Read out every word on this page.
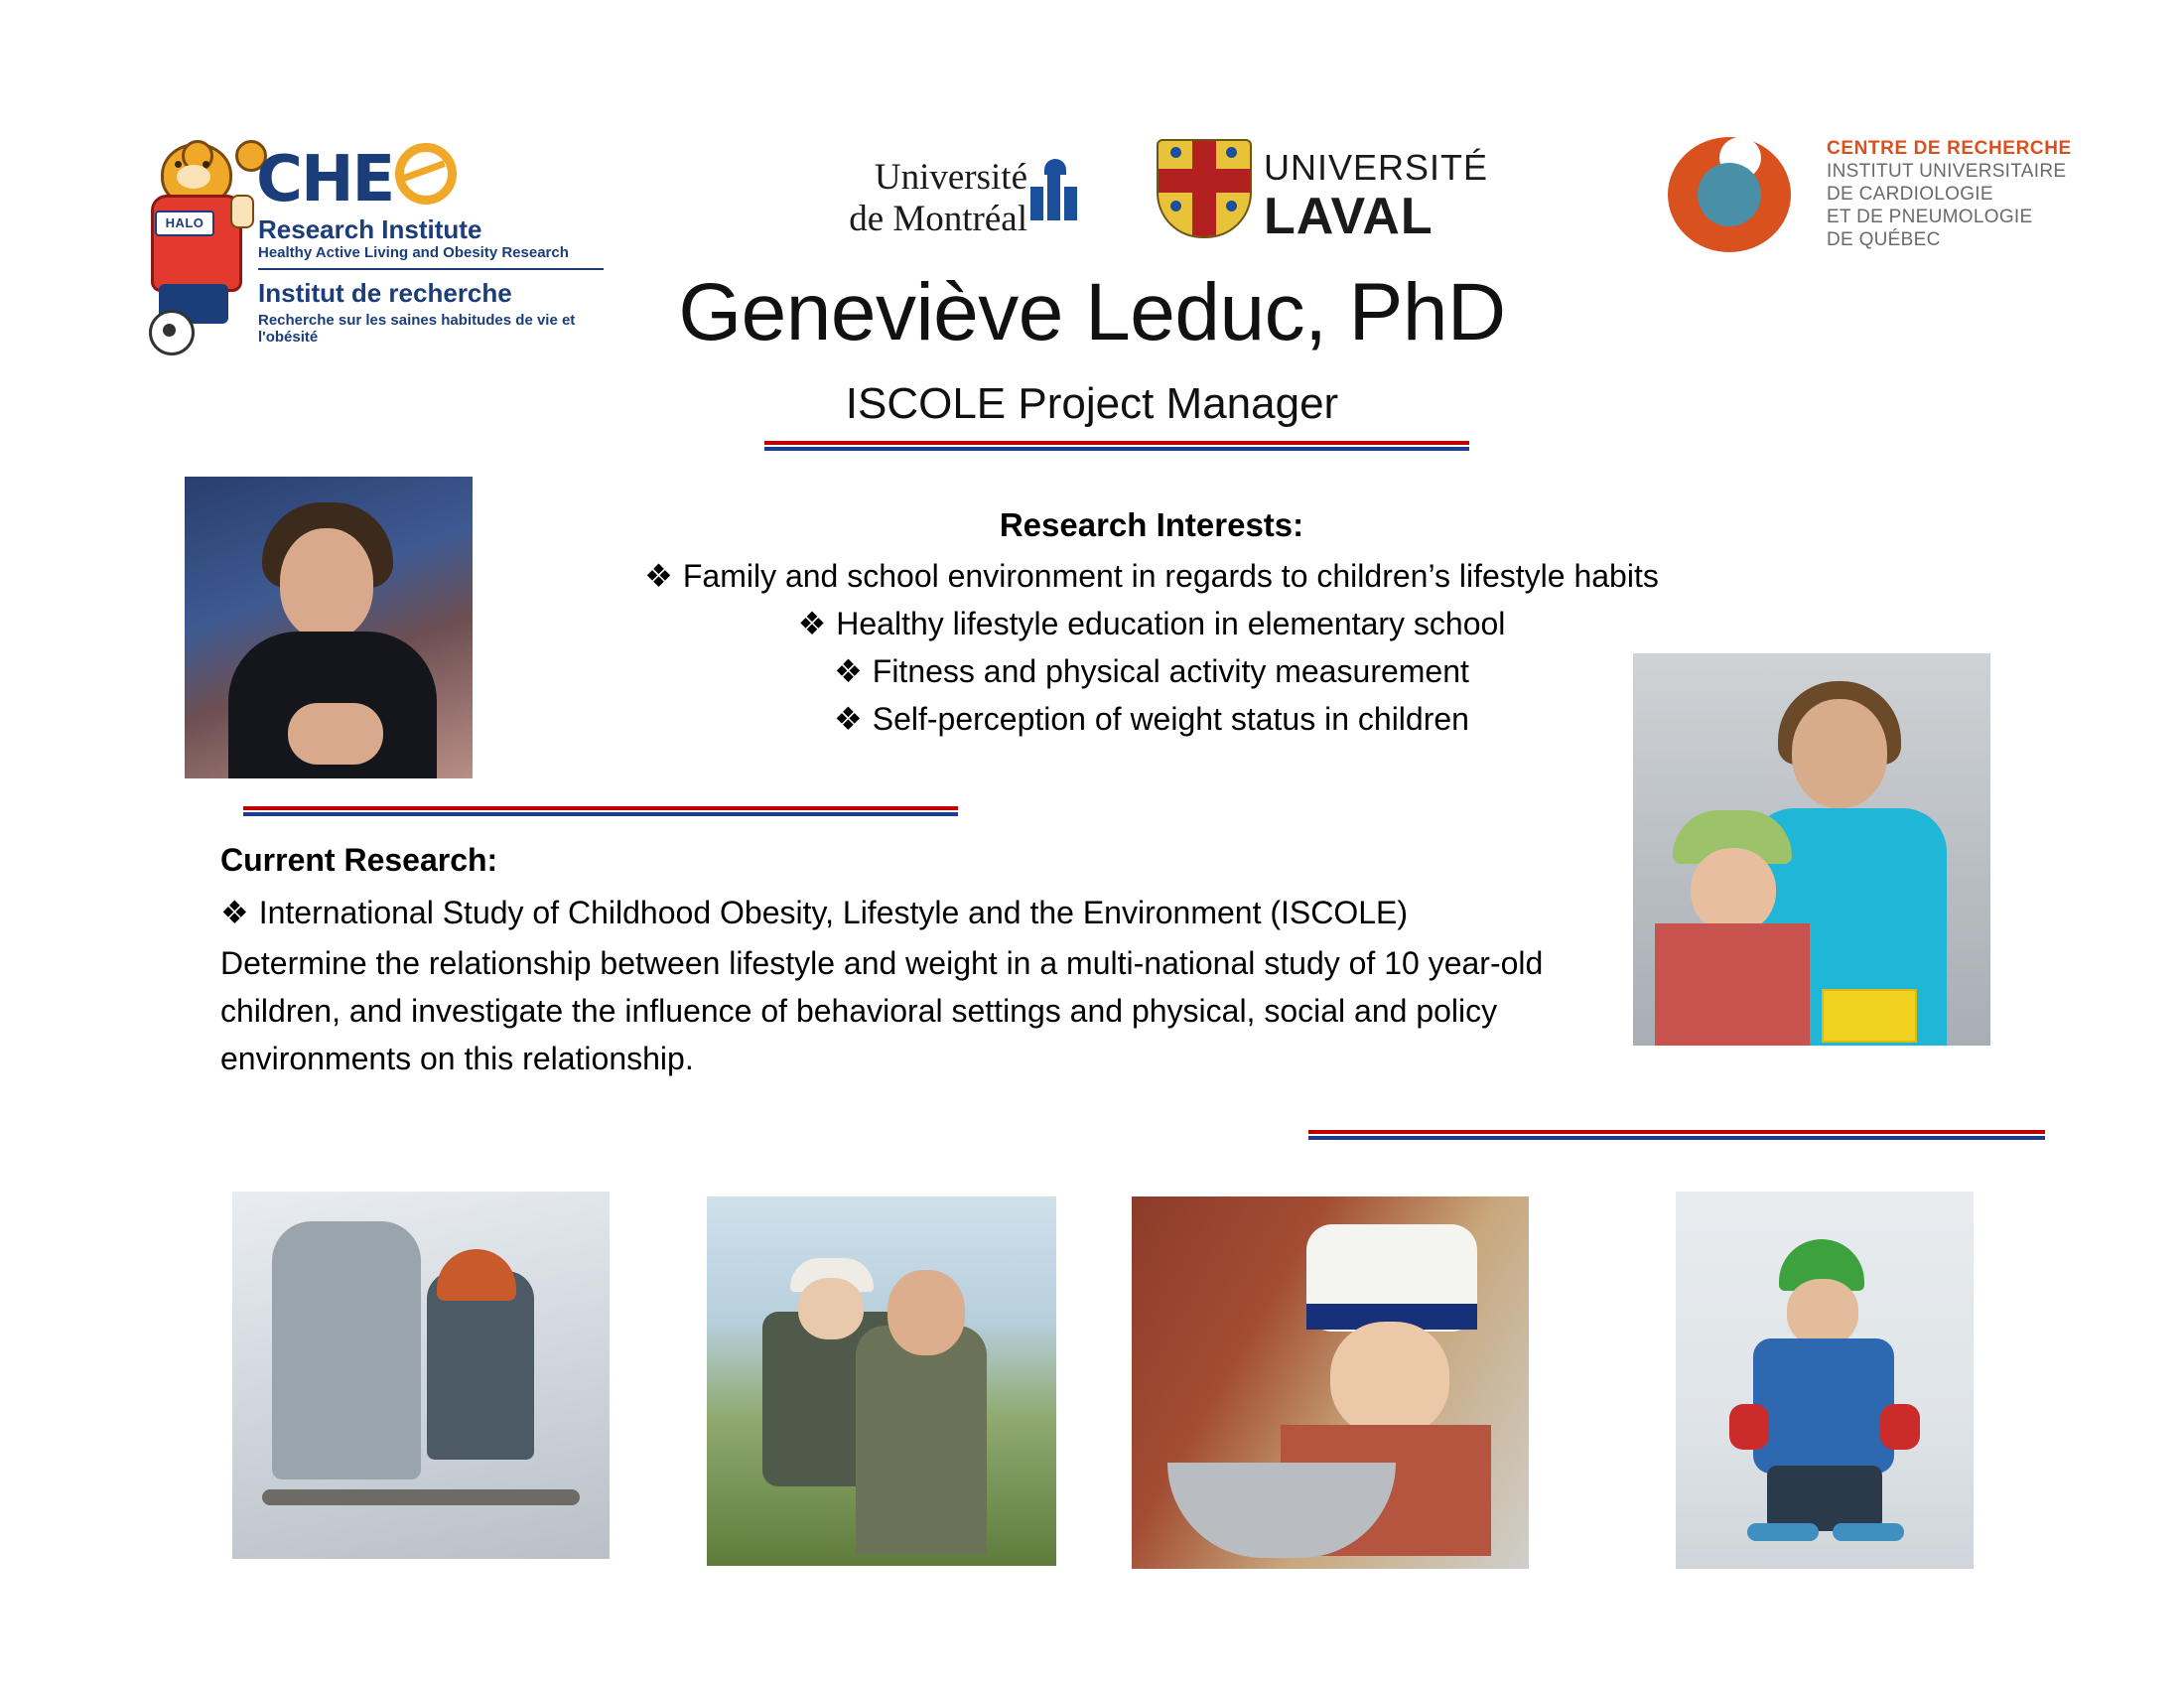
HALO
CHE
Research Institute
Healthy Active Living and Obesity Research
Institut de recherche
Recherche sur les saines habitudes de vie et l'obésité
Université
de Montréal
UNIVERSITÉ
LAVAL
CENTRE DE RECHERCHE
INSTITUT UNIVERSITAIRE
DE CARDIOLOGIE
ET DE PNEUMOLOGIE
DE QUÉBEC
Geneviève Leduc, PhD
ISCOLE Project Manager
Research Interests:
❖ Family and school environment in regards to children’s lifestyle habits
❖ Healthy lifestyle education in elementary school
❖ Fitness and physical activity measurement
❖ Self-perception of weight status in children
Current Research:
❖ International Study of Childhood Obesity, Lifestyle and the Environment (ISCOLE)
Determine the relationship between lifestyle and weight in a multi-national study of 10 year-old children, and investigate the influence of behavioral settings and physical, social and policy environments on this relationship.
